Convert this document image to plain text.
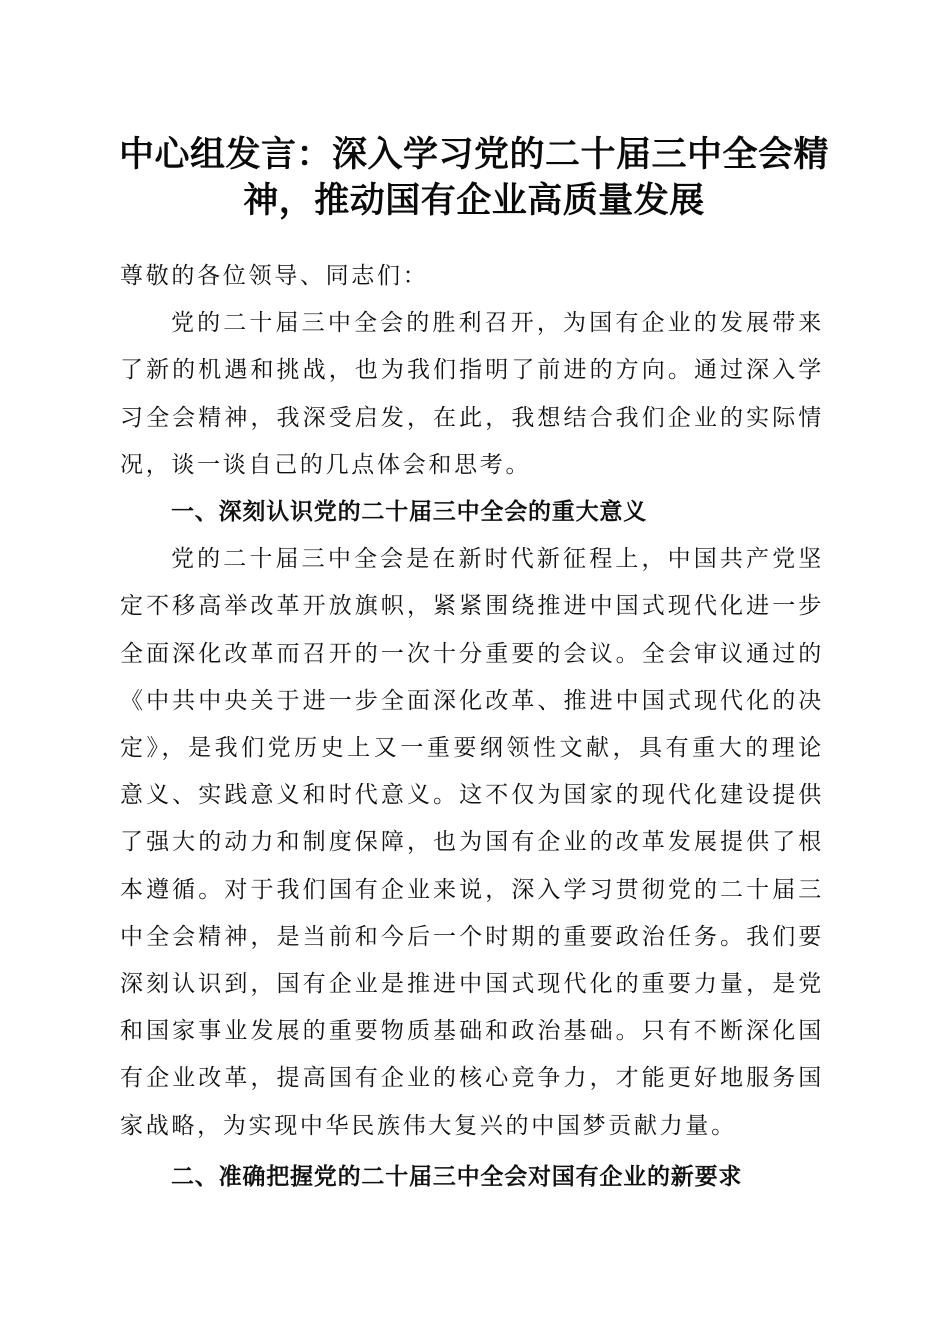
中心组发言：深入学习党的二十届三中全会精神，推动国有企业高质量发展

尊敬的各位领导、同志们：

党的二十届三中全会的胜利召开，为国有企业的发展带来了新的机遇和挑战，也为我们指明了前进的方向。通过深入学习全会精神，我深受启发，在此，我想结合我们企业的实际情况，谈一谈自己的几点体会和思考。

一、深刻认识党的二十届三中全会的重大意义

党的二十届三中全会是在新时代新征程上，中国共产党坚定不移高举改革开放旗帜，紧紧围绕推进中国式现代化进一步全面深化改革而召开的一次十分重要的会议。全会审议通过的《中共中央关于进一步全面深化改革、推进中国式现代化的决定》，是我们党历史上又一重要纲领性文献，具有重大的理论意义、实践意义和时代意义。这不仅为国家的现代化建设提供了强大的动力和制度保障，也为国有企业的改革发展提供了根本遵循。对于我们国有企业来说，深入学习贯彻党的二十届三中全会精神，是当前和今后一个时期的重要政治任务。我们要深刻认识到，国有企业是推进中国式现代化的重要力量，是党和国家事业发展的重要物质基础和政治基础。只有不断深化国有企业改革，提高国有企业的核心竞争力，才能更好地服务国家战略，为实现中华民族伟大复兴的中国梦贡献力量。

二、准确把握党的二十届三中全会对国有企业的新要求
